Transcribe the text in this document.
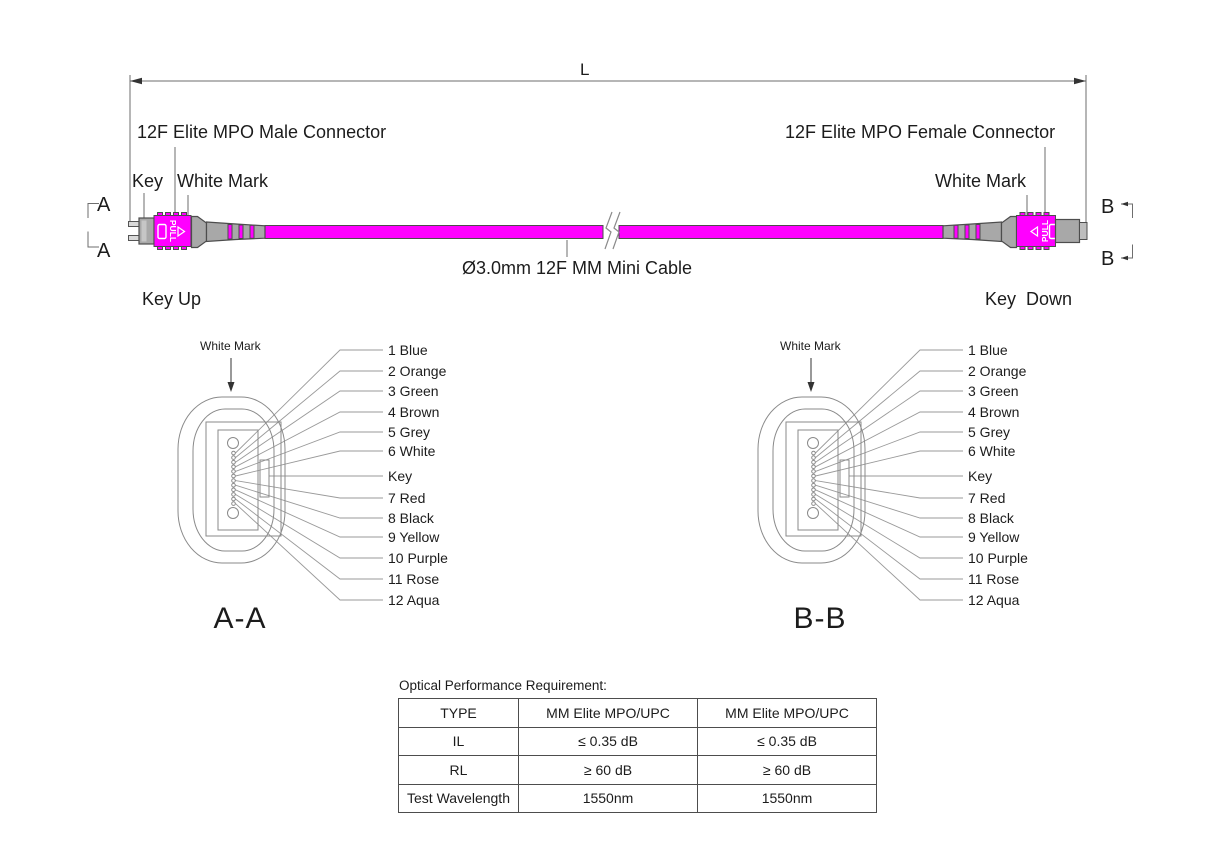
PULL	PULL
L
12F Elite MPO Male Connector	12F Elite MPO Female Connector
Key White Mark	White Mark
A
A
B
B
Key Up	Key  Down
Ø3.0mm 12F MM Mini Cable
White Mark	1 Blue
2 Orange
3 Green
4 Brown
5 Grey
6 White
Key
7 Red
8 Black
9 Yellow
10 Purple
11 Rose
12 Aqua
A-A
White Mark	1 Blue
2 Orange
3 Green
4 Brown
5 Grey
6 White
Key
7 Red
8 Black
9 Yellow
10 Purple
11 Rose
12 Aqua
B-B
Optical Performance Requirement:
TYPE	MM Elite MPO/UPC	MM Elite MPO/UPC
IL	≤ 0.35 dB	≤ 0.35 dB
RL	≥ 60 dB	≥ 60 dB
Test Wavelength	1550nm	1550nm
